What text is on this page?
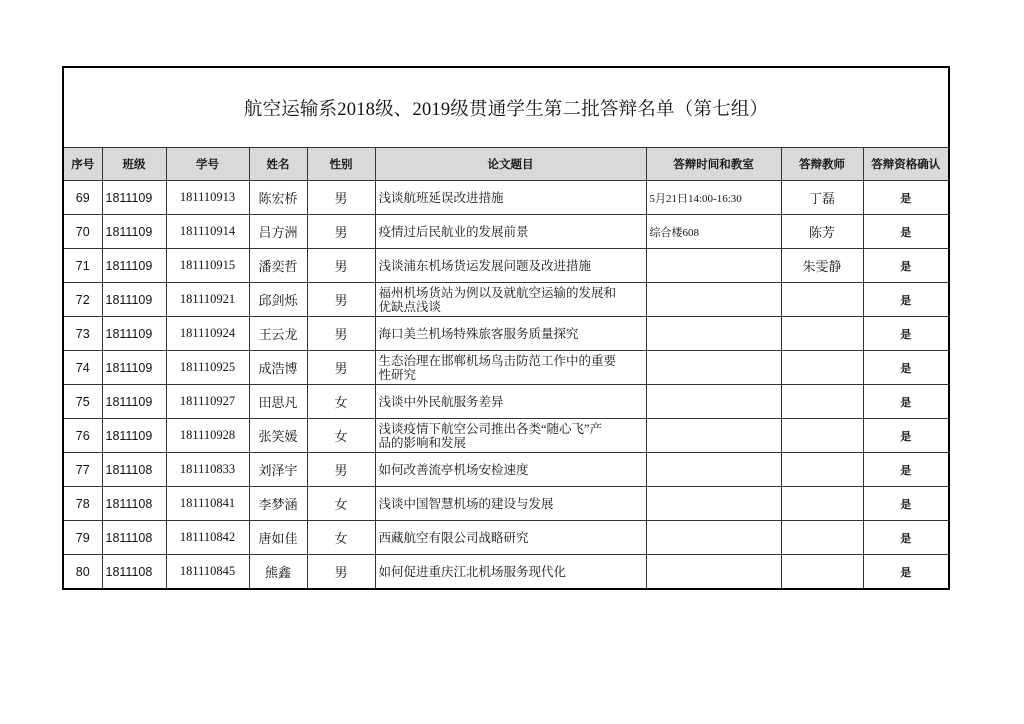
航空运输系2018级、2019级贯通学生第二批答辩名单（第七组）								
序号	班级	学号	姓名	性别	论文题目	答辩时间和教室	答辩教师	答辩资格确认
69	1811109	181110913	陈宏桥	男	浅谈航班延误改进措施	5月21日14:00-16:30	丁磊	是
70	1811109	181110914	吕方洲	男	疫情过后民航业的发展前景	综合楼608	陈芳	是
71	1811109	181110915	潘奕哲	男	浅谈浦东机场货运发展问题及改进措施		朱雯静	是
72	1811109	181110921	邱剑烁	男	福州机场货站为例以及就航空运输的发展和
优缺点浅谈			是
73	1811109	181110924	王云龙	男	海口美兰机场特殊旅客服务质量探究			是
74	1811109	181110925	成浩博	男	生态治理在邯郸机场鸟击防范工作中的重要
性研究			是
75	1811109	181110927	田思凡	女	浅谈中外民航服务差异			是
76	1811109	181110928	张笑媛	女	浅谈疫情下航空公司推出各类“随心飞”产
品的影响和发展			是
77	1811108	181110833	刘泽宇	男	如何改善流亭机场安检速度			是
78	1811108	181110841	李梦涵	女	浅谈中国智慧机场的建设与发展			是
79	1811108	181110842	唐如佳	女	西藏航空有限公司战略研究			是
80	1811108	181110845	熊鑫	男	如何促进重庆江北机场服务现代化			是
